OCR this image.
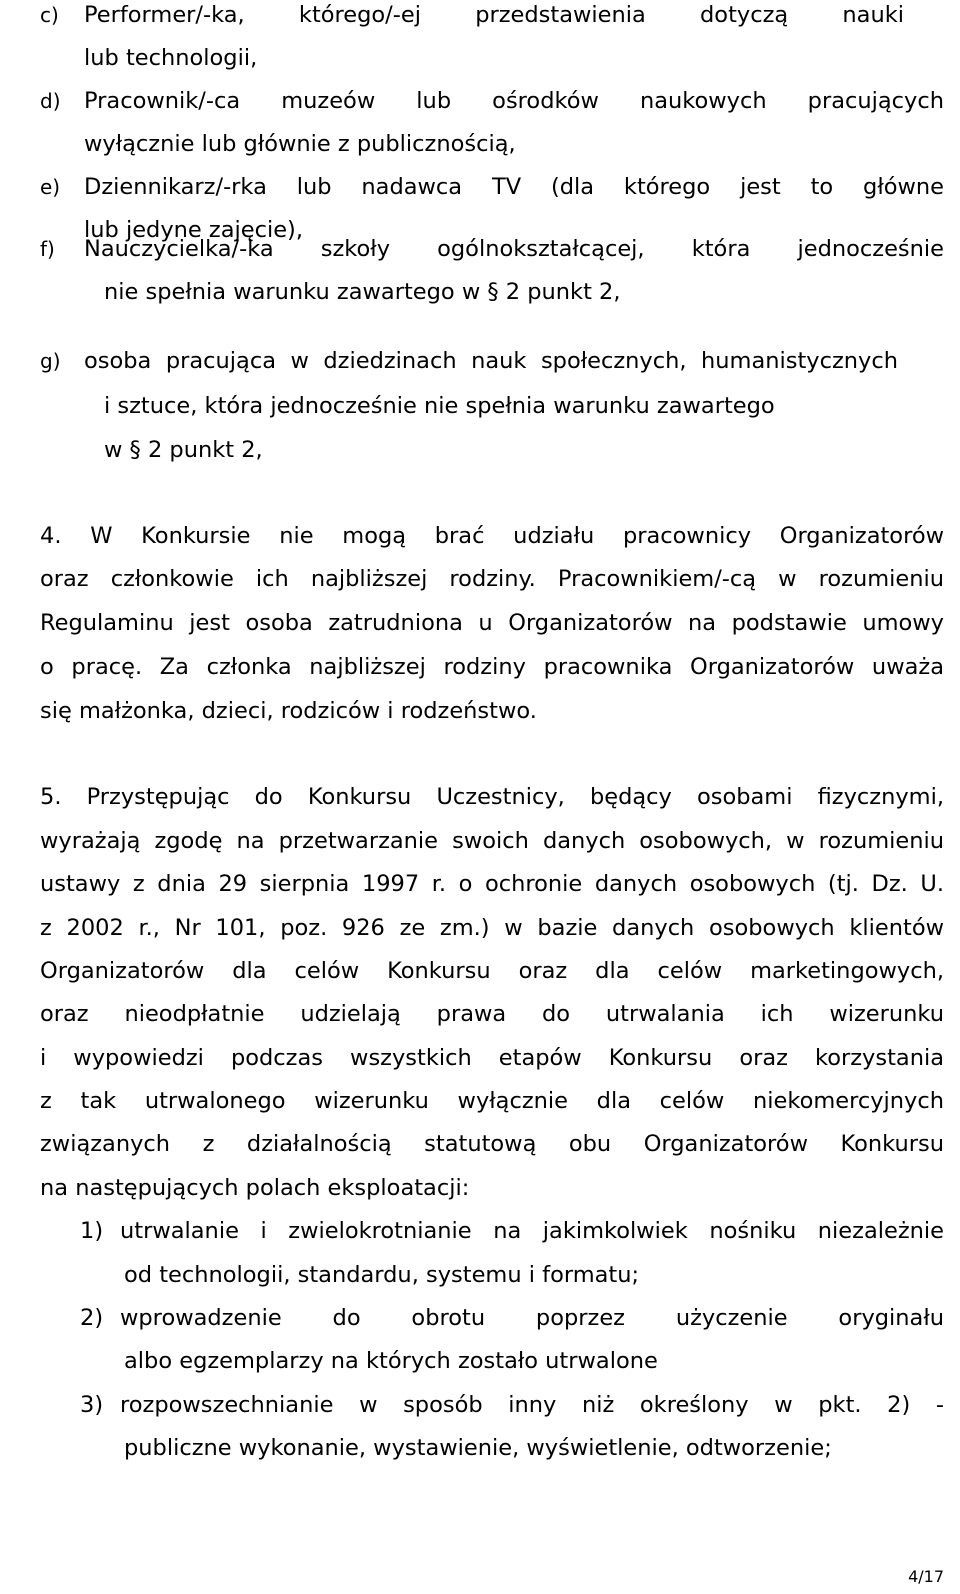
c) Performer/-ka, którego/-ej przedstawienia dotyczą nauki

lub technologii,

d) Pracownik/-ca muzeów lub ośrodków naukowych pracujących

wyłącznie lub głównie z publicznością,

e) Dziennikarz/-rka lub nadawca TV (dla którego jest to główne

lub jedyne zajęcie),

f) Nauczycielka/-ka szkoły ogólnokształcącej, która jednocześnie

nie spełnia warunku zawartego w § 2 punkt 2,

g) osoba pracująca w dziedzinach nauk społecznych, humanistycznych

i sztuce, która jednocześnie nie spełnia warunku zawartego

w § 2 punkt 2,

4. W Konkursie nie mogą brać udziału pracownicy Organizatorów

oraz członkowie ich najbliższej rodziny. Pracownikiem/-cą w rozumieniu

Regulaminu jest osoba zatrudniona u Organizatorów na podstawie umowy

o pracę. Za członka najbliższej rodziny pracownika Organizatorów uważa

się małżonka, dzieci, rodziców i rodzeństwo.

5. Przystępując do Konkursu Uczestnicy, będący osobami fizycznymi,

wyrażają zgodę na przetwarzanie swoich danych osobowych, w rozumieniu

ustawy z dnia 29 sierpnia 1997 r. o ochronie danych osobowych (tj. Dz. U.

z 2002 r., Nr 101, poz. 926 ze zm.) w bazie danych osobowych klientów

Organizatorów dla celów Konkursu oraz dla celów marketingowych,

oraz nieodpłatnie udzielają prawa do utrwalania ich wizerunku

i wypowiedzi podczas wszystkich etapów Konkursu oraz korzystania

z tak utrwalonego wizerunku wyłącznie dla celów niekomercyjnych

związanych z działalnością statutową obu Organizatorów Konkursu

na następujących polach eksploatacji:

1) utrwalanie i zwielokrotnianie na jakimkolwiek nośniku niezależnie

od technologii, standardu, systemu i formatu;

2) wprowadzenie do obrotu poprzez użyczenie oryginału

albo egzemplarzy na których zostało utrwalone

3) rozpowszechnianie w sposób inny niż określony w pkt. 2) -

publiczne wykonanie, wystawienie, wyświetlenie, odtworzenie;

4/17
